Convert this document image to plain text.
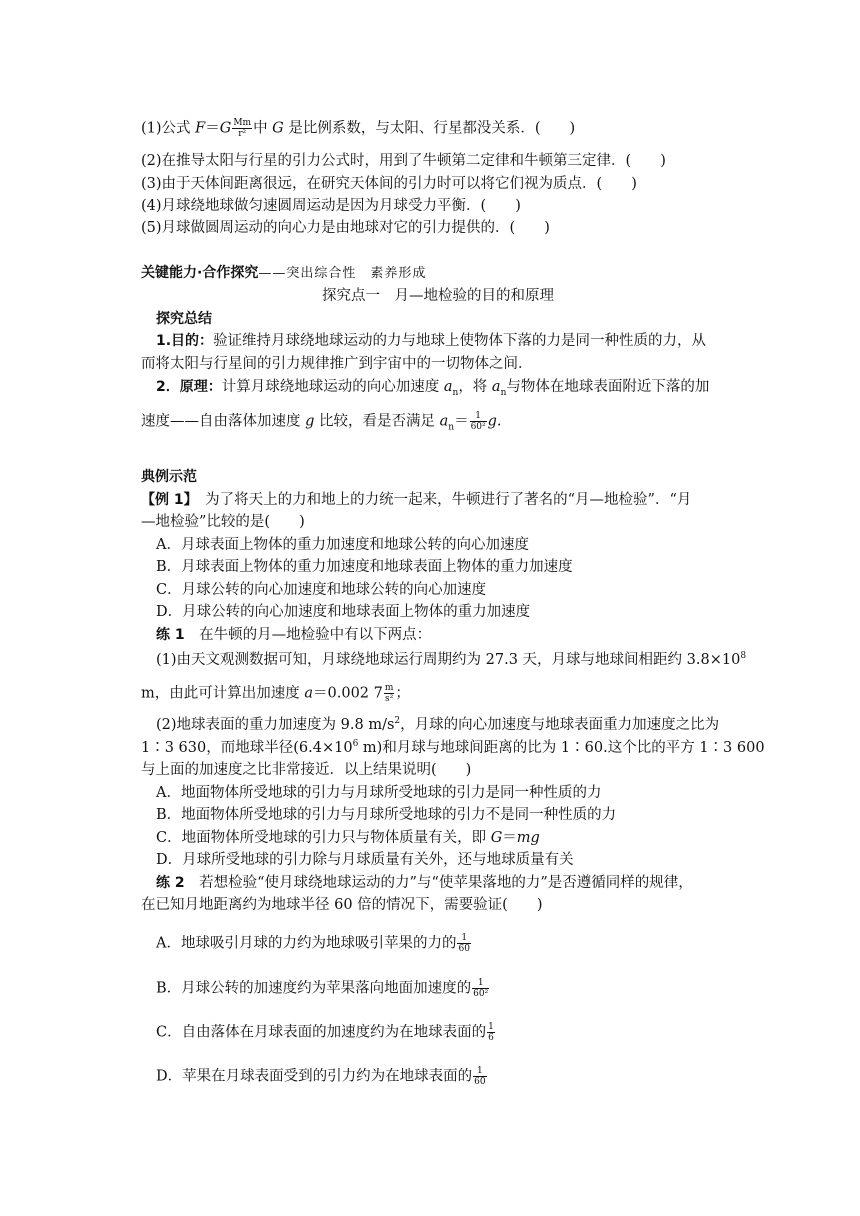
(1)公式 $F=G \frac{Mm}{\text{r²}}$ 中 G 是比例系数，与太阳、行星都没关系．(　　)
(2)在推导太阳与行星的引力公式时，用到了牛顿第二定律和牛顿第三定律．(　　)
(3)由于天体间距离很远，在研究天体间的引力时可以将它们视为质点．(　　)
(4)月球绕地球做匀速圆周运动是因为月球受力平衡．(　　)
(5)月球做圆周运动的向心力是由地球对它的引力提供的．(　　)
关键能力·合作探究——突出综合性　素养形成
探究点一　月—地检验的目的和原理
探究总结
1.目的：验证维持月球绕地球运动的力与地球上使物体下落的力是同一种性质的力，从
而将太阳与行星间的引力规律推广到宇宙中的一切物体之间．
2．原理：计算月球绕地球运动的向心加速度 $a_n$，将 $a_n$与物体在地球表面附近下落的加
速度——自由落体加速度 g 比较，看是否满足 $a_n= \frac{1}{\text{60²}} g$.
典例示范
【例 1】　为了将天上的力和地上的力统一起来，牛顿进行了著名的“月—地检验”．“月
—地检验”比较的是(　　)
A．月球表面上物体的重力加速度和地球公转的向心加速度
B．月球表面上物体的重力加速度和地球表面上物体的重力加速度
C．月球公转的向心加速度和地球公转的向心加速度
D．月球公转的向心加速度和地球表面上物体的重力加速度
练 1　在牛顿的月—地检验中有以下两点：
(1)由天文观测数据可知，月球绕地球运行周期约为 27.3 天，月球与地球间相距约 $3.8\times 10^8$
m，由此可计算出加速度 a＝0.002 $7 \frac{m}{\text{s²}}$ ；
(2)地球表面的重力加速度为 9.8 $m/s^2$，月球的向心加速度与地球表面重力加速度之比为
1∶3 630，而地球半径($6.4\times 10^6$ m)和月球与地球间距离的比为 1∶60.这个比的平方 1∶3 600
与上面的加速度之比非常接近．以上结果说明(　　)
A．地面物体所受地球的引力与月球所受地球的引力是同一种性质的力
B．地面物体所受地球的引力与月球所受地球的引力不是同一种性质的力
C．地面物体所受地球的引力只与物体质量有关，即 G＝mg
D．月球所受地球的引力除与月球质量有关外，还与地球质量有关
练 2　若想检验“使月球绕地球运动的力”与“使苹果落地的力”是否遵循同样的规律，
在已知月地距离约为地球半径 60 倍的情况下，需要验证(　　)
A．地球吸引月球的力约为地球吸引苹果的力的 $\frac{1}{60}$
B．月球公转的加速度约为苹果落向地面加速度的 $\frac{1}{\text{60²}}$
C．自由落体在月球表面的加速度约为在地球表面的 $\frac{1}{6}$
D．苹果在月球表面受到的引力约为在地球表面的 $\frac{1}{60}$
